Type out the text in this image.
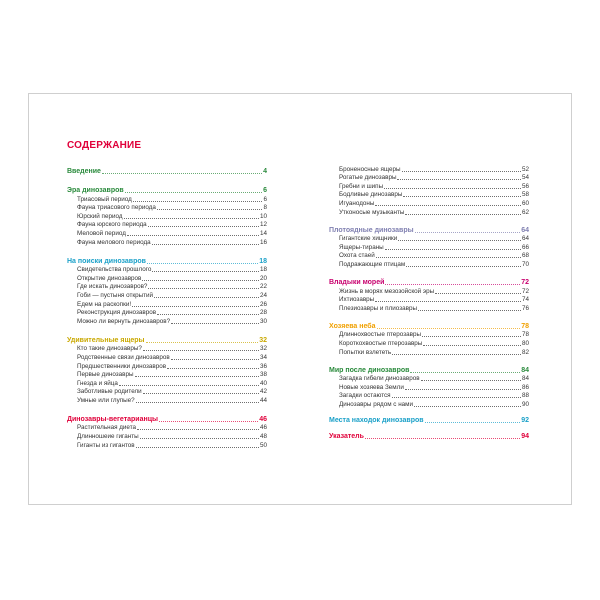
СОДЕРЖАНИЕ
Введение	4
Эра динозавров	6
Триасовый период	6
Фауна триасового периода	8
Юрский период	10
Фауна юрского периода	12
Меловой период	14
Фауна мелового периода	16
На поиски динозавров	18
Свидетельства прошлого	18
Открытие динозавров	20
Где искать динозавров?	22
Гоби — пустыня открытий	24
Едем на раскопки!	26
Реконструкция динозавров	28
Можно ли вернуть динозавров?	30
Удивительные ящеры	32
Кто такие динозавры?	32
Родственные связи динозавров	34
Предшественники динозавров	36
Первые динозавры	38
Гнезда и яйца	40
Заботливые родители	42
Умные или глупые?	44
Динозавры-вегетарианцы	46
Растительная диета	46
Длинношеие гиганты	48
Гиганты из гигантов	50
Броненосные ящеры	52
Рогатые динозавры	54
Гребни и шипы	56
Бодливые динозавры	58
Игуанодоны	60
Утконосые музыканты	62
Плотоядные динозавры	64
Гигантские хищники	64
Ящеры-тираны	66
Охота стаей	68
Подражающие птицам	70
Владыки морей	72
Жизнь в морях мезозойской эры	72
Ихтиозавры	74
Плезиозавры и плиозавры	76
Хозяева неба	78
Длиннохвостые птерозавры	78
Короткохвостые птерозавры	80
Попытки взлететь	82
Мир после динозавров	84
Загадка гибели динозавров	84
Новые хозяева Земли	86
Загадки остаются	88
Динозавры рядом с нами	90
Места находок динозавров	92
Указатель	94
